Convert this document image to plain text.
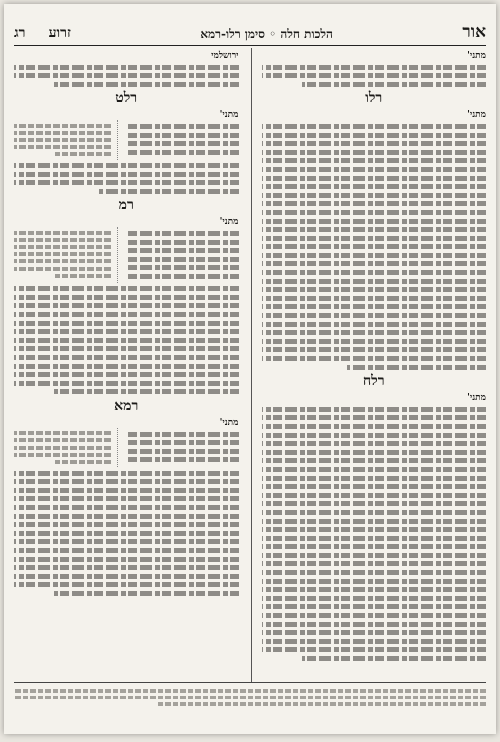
אור
הלכות חלה ◦ סימן רלו-רמא
זרוע רג
מתני'
רלו
מתני'
רלח
מתני'
ירושלמי
רלט
מתני'
רמ
מתני'
רמא
מתני'
